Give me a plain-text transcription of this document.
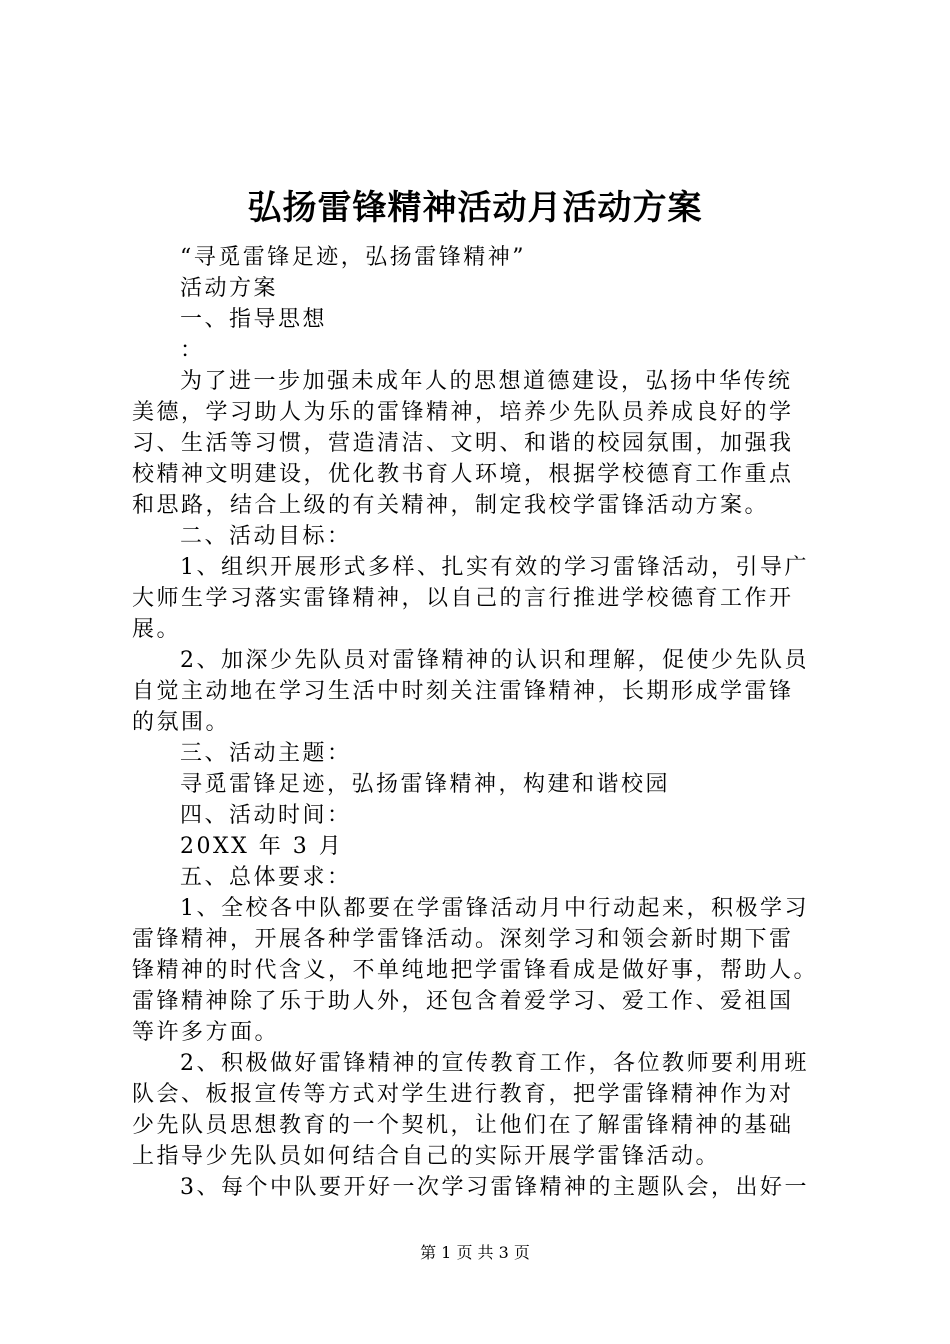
弘扬雷锋精神活动月活动方案

“寻觅雷锋足迹，弘扬雷锋精神”

活动方案

一、指导思想

：

为了进一步加强未成年人的思想道德建设，弘扬中华传统

美德，学习助人为乐的雷锋精神，培养少先队员养成良好的学

习、生活等习惯，营造清洁、文明、和谐的校园氛围，加强我

校精神文明建设，优化教书育人环境，根据学校德育工作重点

和思路，结合上级的有关精神，制定我校学雷锋活动方案。

二、活动目标：

1、组织开展形式多样、扎实有效的学习雷锋活动，引导广

大师生学习落实雷锋精神，以自己的言行推进学校德育工作开

展。

2、加深少先队员对雷锋精神的认识和理解，促使少先队员

自觉主动地在学习生活中时刻关注雷锋精神，长期形成学雷锋

的氛围。

三、活动主题：

寻觅雷锋足迹，弘扬雷锋精神，构建和谐校园

四、活动时间：

20XX 年 3 月

五、总体要求：

1、全校各中队都要在学雷锋活动月中行动起来，积极学习

雷锋精神，开展各种学雷锋活动。深刻学习和领会新时期下雷

锋精神的时代含义，不单纯地把学雷锋看成是做好事，帮助人。

雷锋精神除了乐于助人外，还包含着爱学习、爱工作、爱祖国

等许多方面。

2、积极做好雷锋精神的宣传教育工作，各位教师要利用班

队会、板报宣传等方式对学生进行教育，把学雷锋精神作为对

少先队员思想教育的一个契机，让他们在了解雷锋精神的基础

上指导少先队员如何结合自己的实际开展学雷锋活动。

3、每个中队要开好一次学习雷锋精神的主题队会，出好一

第 1 页 共 3 页
